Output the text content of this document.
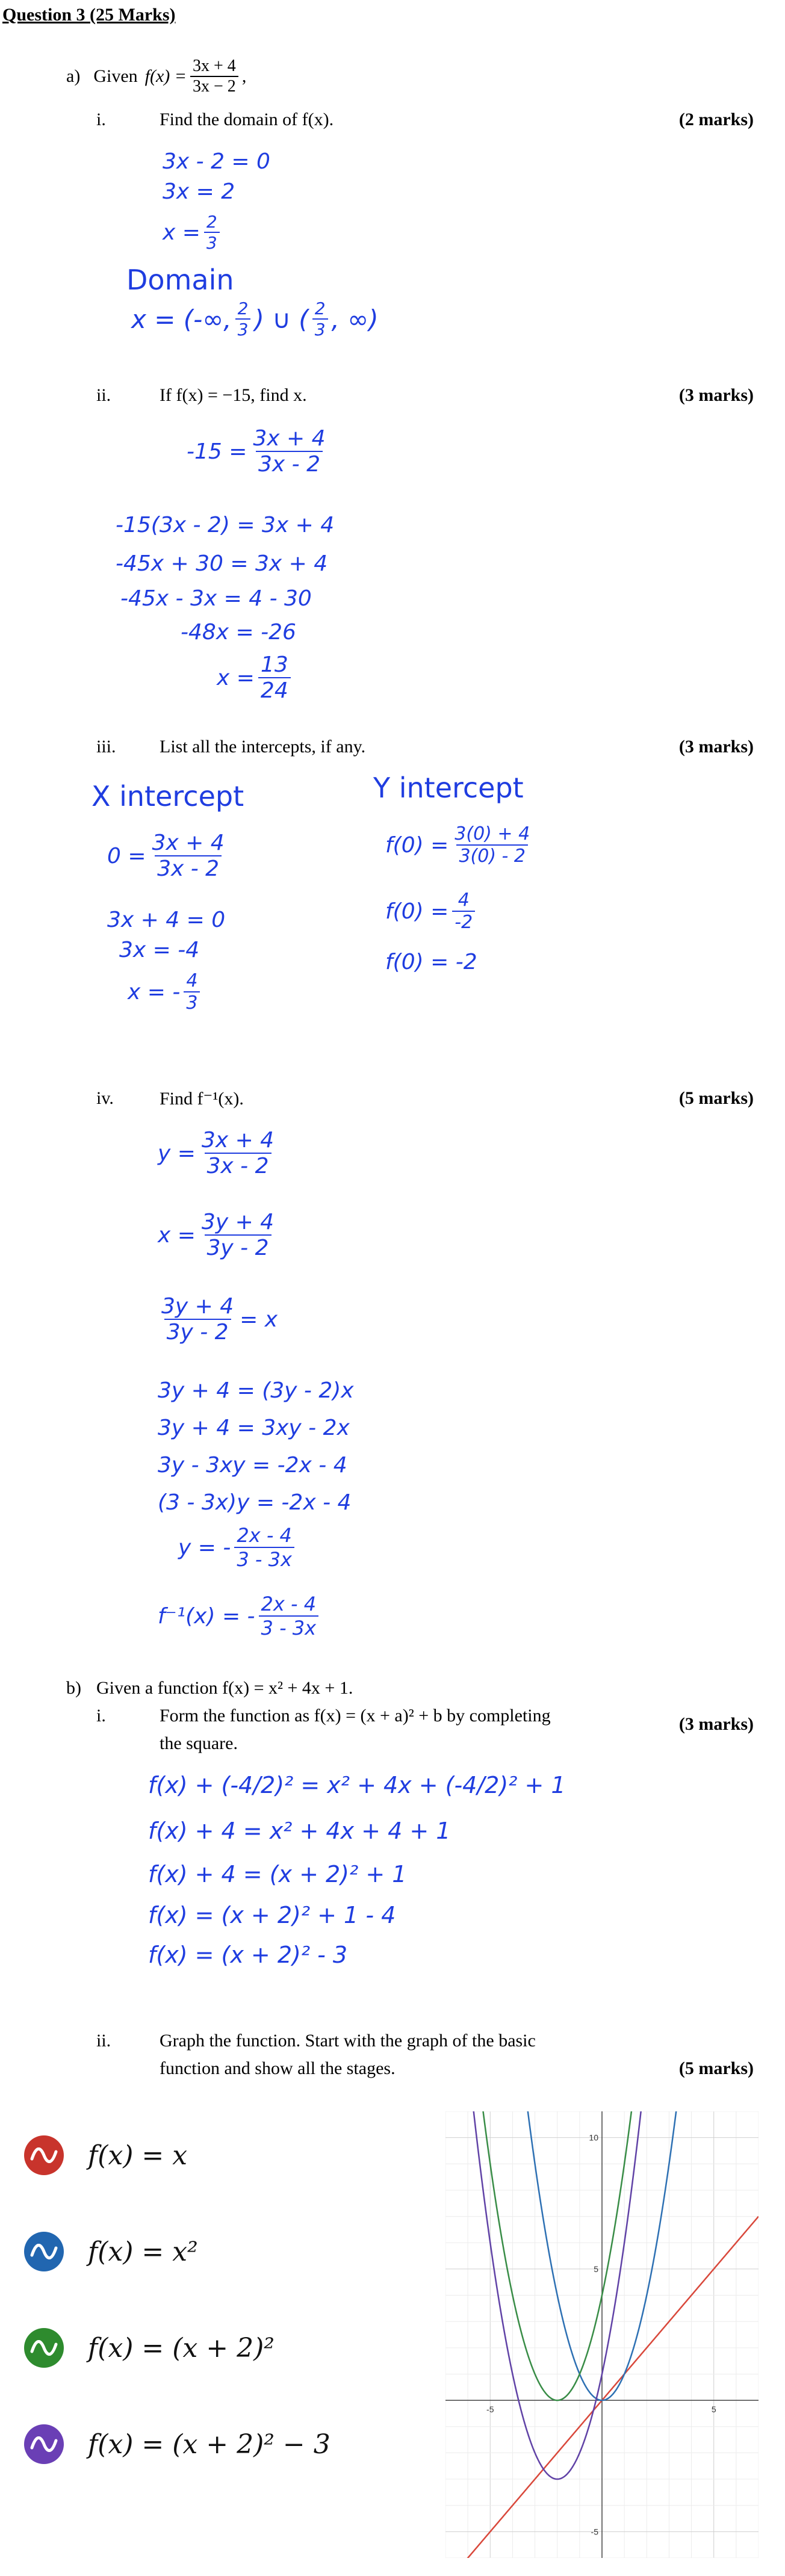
Question 3 (25 Marks)
a) Given $f(x) = \frac{3x + 4}{3x - 2}$ ,
i.	Find the domain of f(x).	(2 marks)
3x - 2 = 0
3x = 2
$x = \frac{2}{3}$
Domain
x = (-∞, $\frac{2}{3}$ ) ∪ ( $\frac{2}{3}$ , ∞)
ii.	If f(x) = −15, find x.	(3 marks)
$-15 = \frac{3x + 4}{3x - 2}$
-15(3x - 2) = 3x + 4
-45x + 30 = 3x + 4
-45x - 3x = 4 - 30
-48x = -26
$x = \frac{13}{24}$
iii. List all the intercepts, if any.	(3 marks)
X intercept	Y intercept
$0 = \frac{3x + 4}{3x - 2}$
3x + 4 = 0
3x = -4
x = - $\frac{4}{3}$
$f(0) = \frac{3(0) + 4}{3(0) - 2}$
$f(0) = \frac{4}{-2}$
f(0) = -2
iv.	Find f⁻¹(x).	(5 marks)
$y = \frac{3x + 4}{3x - 2}$
$x = \frac{3y + 4}{3y - 2}$
$\frac{3y + 4}{3y - 2} = x$
3y + 4 = (3y - 2)x
3y + 4 = 3xy - 2x
3y - 3xy = -2x - 4
(3 - 3x)y = -2x - 4
y = - $\frac{2x - 4}{3 - 3x}$
f⁻¹(x) = - $\frac{2x - 4}{3 - 3x}$
b) Given a function f(x) = x² + 4x + 1.
i.	Form the function as f(x) = (x + a)² + b by completing
the square.
(3 marks)
f(x) + (-4/2)² = x² + 4x + (-4/2)² + 1
f(x) + 4 = x² + 4x + 4 + 1
f(x) + 4 = (x + 2)² + 1
f(x) = (x + 2)² + 1 - 4
f(x) = (x + 2)² - 3
ii.	Graph the function. Start with the graph of the basic
function and show all the stages.	(5 marks)
f(x) = x
f(x) = x²
f(x) = (x + 2)²
f(x) = (x + 2)² − 3
-5	5
10
5
-5
